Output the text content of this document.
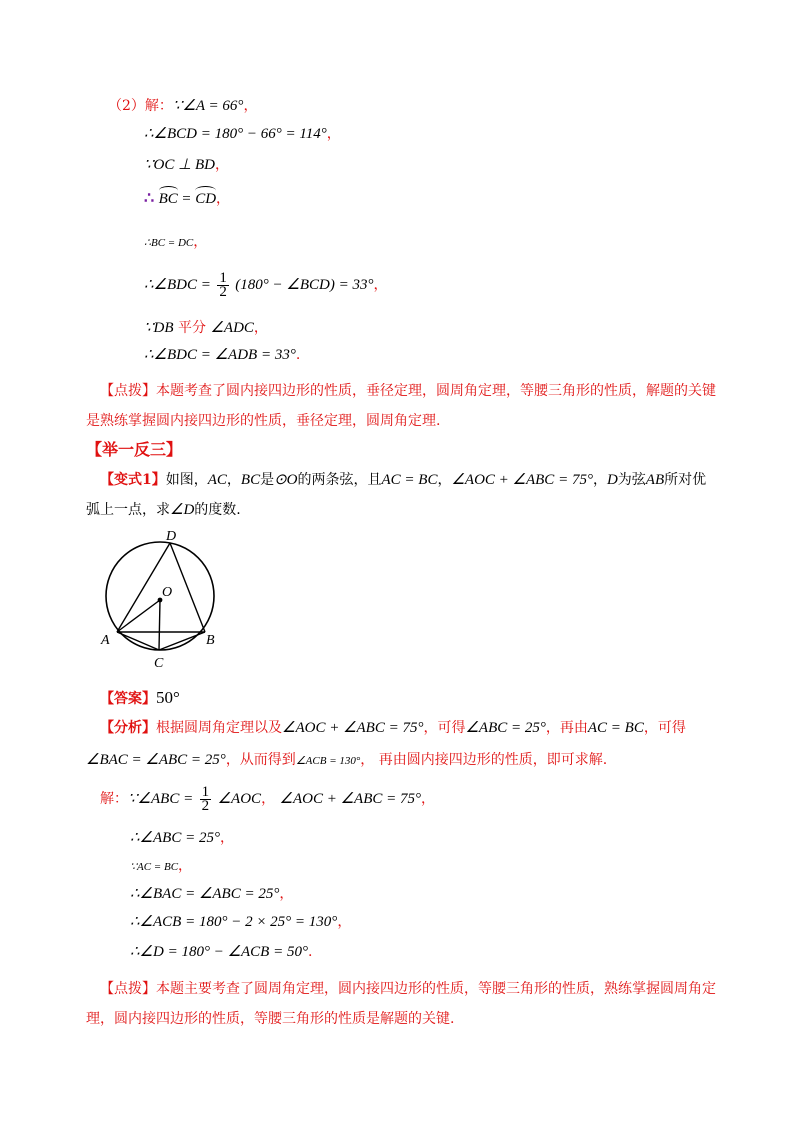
（2）解：∵∠A = 66°，
∴∠BCD = 180° − 66° = 114°，
∵OC ⊥ BD，
∴ BC = CD，
∴BC = DC，
∴∠BDC = $\frac{1}{2} (180^\circ$ − ∠BCD) = 33°，
∵DB 平分 ∠ADC，
∴∠BDC = ∠ADB = 33°.
【点拨】本题考查了圆内接四边形的性质，垂径定理，圆周角定理，等腰三角形的性质，解题的关键
是熟练掌握圆内接四边形的性质，垂径定理，圆周角定理.
【举一反三】
【变式1】如图，AC，BC是⊙O的两条弦，且AC = BC，∠AOC + ∠ABC = 75°，D为弦AB所对优
弧上一点，求∠D的度数.
D
O
A	B
C
【答案】50°
【分析】根据圆周角定理以及∠AOC + ∠ABC = 75°，可得∠ABC = 25°，再由AC = BC，可得
∠BAC = ∠ABC = 25°，从而得到∠ACB = 130°， 再由圆内接四边形的性质，即可求解.
解：∵∠ABC = $\frac{1}{2}$ ∠AOC， ∠AOC + ∠ABC = 75°，
∴∠ABC = 25°，
∵AC = BC，
∴∠BAC = ∠ABC = 25°，
∴∠ACB = 180° − 2 × 25° = 130°，
∴∠D = 180° − ∠ACB = 50°.
【点拨】本题主要考查了圆周角定理，圆内接四边形的性质，等腰三角形的性质，熟练掌握圆周角定
理，圆内接四边形的性质，等腰三角形的性质是解题的关键.
